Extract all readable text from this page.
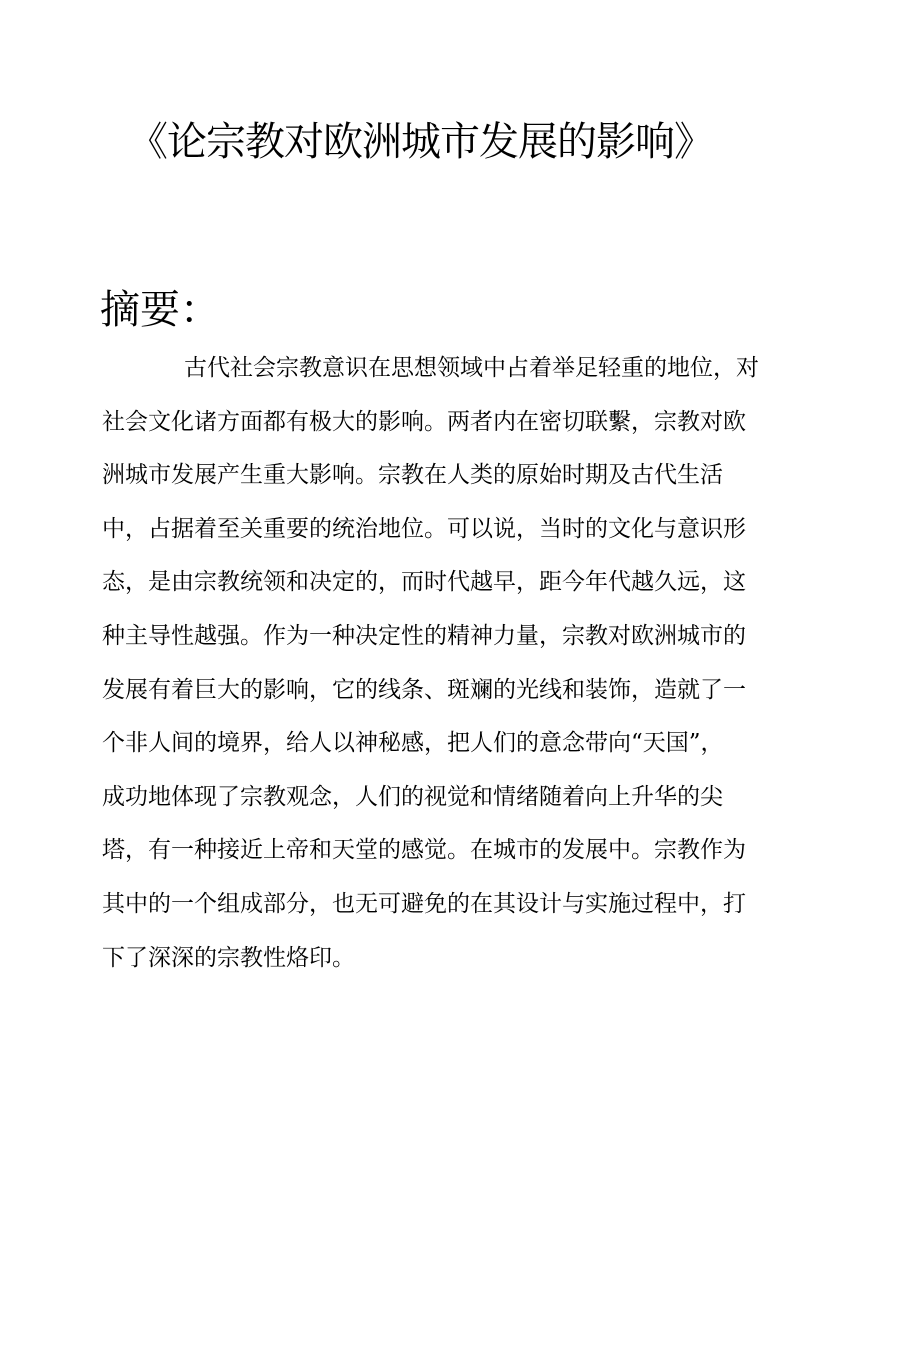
《论宗教对欧洲城市发展的影响》
摘要：
古代社会宗教意识在思想领域中占着举足轻重的地位，对
社会文化诸方面都有极大的影响。两者内在密切联繫，宗教对欧
洲城市发展产生重大影响。宗教在人类的原始时期及古代生活
中，占据着至关重要的统治地位。可以说，当时的文化与意识形
态，是由宗教统领和决定的，而时代越早，距今年代越久远，这
种主导性越强。作为一种决定性的精神力量，宗教对欧洲城市的
发展有着巨大的影响，它的线条、斑斓的光线和装饰，造就了一
个非人间的境界，给人以神秘感，把人们的意念带向“天国”，
成功地体现了宗教观念，人们的视觉和情绪随着向上升华的尖
塔，有一种接近上帝和天堂的感觉。在城市的发展中。宗教作为
其中的一个组成部分，也无可避免的在其设计与实施过程中，打
下了深深的宗教性烙印。
